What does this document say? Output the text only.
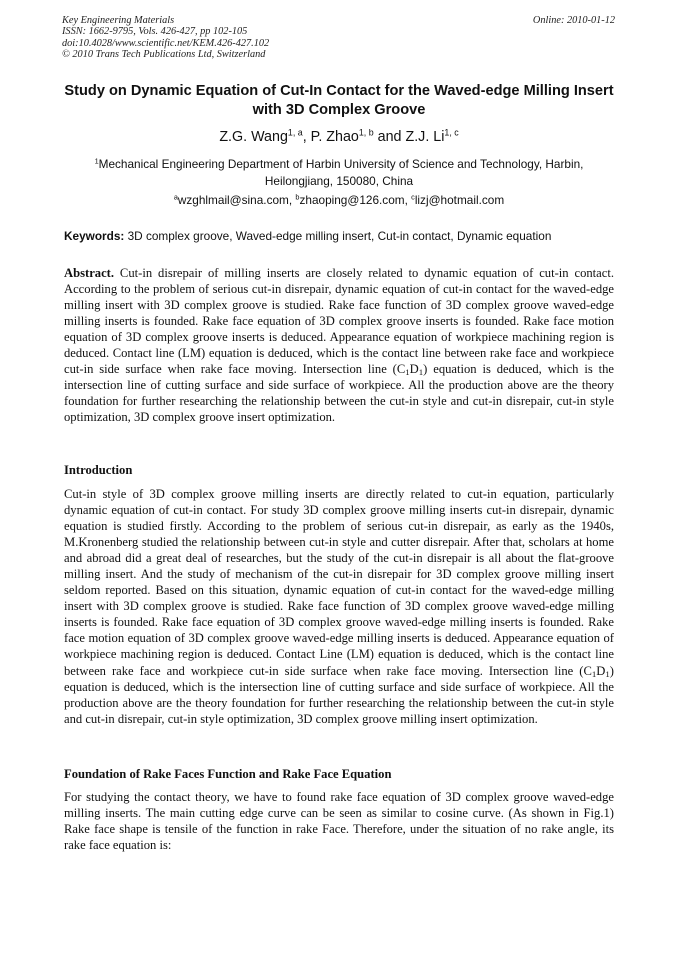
Key Engineering Materials
ISSN: 1662-9795, Vols. 426-427, pp 102-105
doi:10.4028/www.scientific.net/KEM.426-427.102
© 2010 Trans Tech Publications Ltd, Switzerland
Online: 2010-01-12
Study on Dynamic Equation of Cut-In Contact for the Waved-edge Milling Insert with 3D Complex Groove
Z.G. Wang$^{1, a}$, P. Zhao$^{1, b}$ and Z.J. Li$^{1, c}$
$^1$Mechanical Engineering Department of Harbin University of Science and Technology, Harbin,
Heilongjiang, 150080, China
$^a$wzghlmail@sina.com, $^b$zhaoping@126.com, $^c$lizj@hotmail.com
Keywords: 3D complex groove, Waved-edge milling insert, Cut-in contact, Dynamic equation
Abstract. Cut-in disrepair of milling inserts are closely related to dynamic equation of cut-in contact. According to the problem of serious cut-in disrepair, dynamic equation of cut-in contact for the waved-edge milling insert with 3D complex groove is studied. Rake face function of 3D complex groove waved-edge milling inserts is founded. Rake face equation of 3D complex groove inserts is founded. Rake face motion equation of 3D complex groove inserts is deduced. Appearance equation of workpiece machining region is deduced. Contact line (LM) equation is deduced, which is the contact line between rake face and workpiece cut-in side surface when rake face moving. Intersection line $(C_1D_1)$ equation is deduced, which is the intersection line of cutting surface and side surface of workpiece. All the production above are the theory foundation for further researching the relationship between the cut-in style and cut-in disrepair, cut-in style optimization, 3D complex groove insert optimization.
Introduction
Cut-in style of 3D complex groove milling inserts are directly related to cut-in equation, particularly dynamic equation of cut-in contact. For study 3D complex groove milling inserts cut-in disrepair, dynamic equation is studied firstly. According to the problem of serious cut-in disrepair, as early as the 1940s, M.Kronenberg studied the relationship between cut-in style and cutter disrepair. After that, scholars at home and abroad did a great deal of researches, but the study of the cut-in disrepair is all about the flat-groove milling insert. And the study of mechanism of the cut-in disrepair for 3D complex groove milling insert seldom reported. Based on this situation, dynamic equation of cut-in contact for the waved-edge milling insert with 3D complex groove is studied. Rake face function of 3D complex groove waved-edge milling inserts is founded. Rake face equation of 3D complex groove waved-edge milling inserts is founded. Rake face motion equation of 3D complex groove waved-edge milling inserts is deduced. Appearance equation of workpiece machining region is deduced. Contact Line (LM) equation is deduced, which is the contact line between rake face and workpiece cut-in side surface when rake face moving. Intersection line $(C_1D_1)$ equation is deduced, which is the intersection line of cutting surface and side surface of workpiece. All the production above are the theory foundation for further researching the relationship between the cut-in style and cut-in disrepair, cut-in style optimization, 3D complex groove milling insert optimization.
Foundation of Rake Faces Function and Rake Face Equation
For studying the contact theory, we have to found rake face equation of 3D complex groove waved-edge milling inserts. The main cutting edge curve can be seen as similar to cosine curve. (As shown in Fig.1) Rake face shape is tensile of the function in rake Face. Therefore, under the situation of no rake angle, its rake face equation is:
